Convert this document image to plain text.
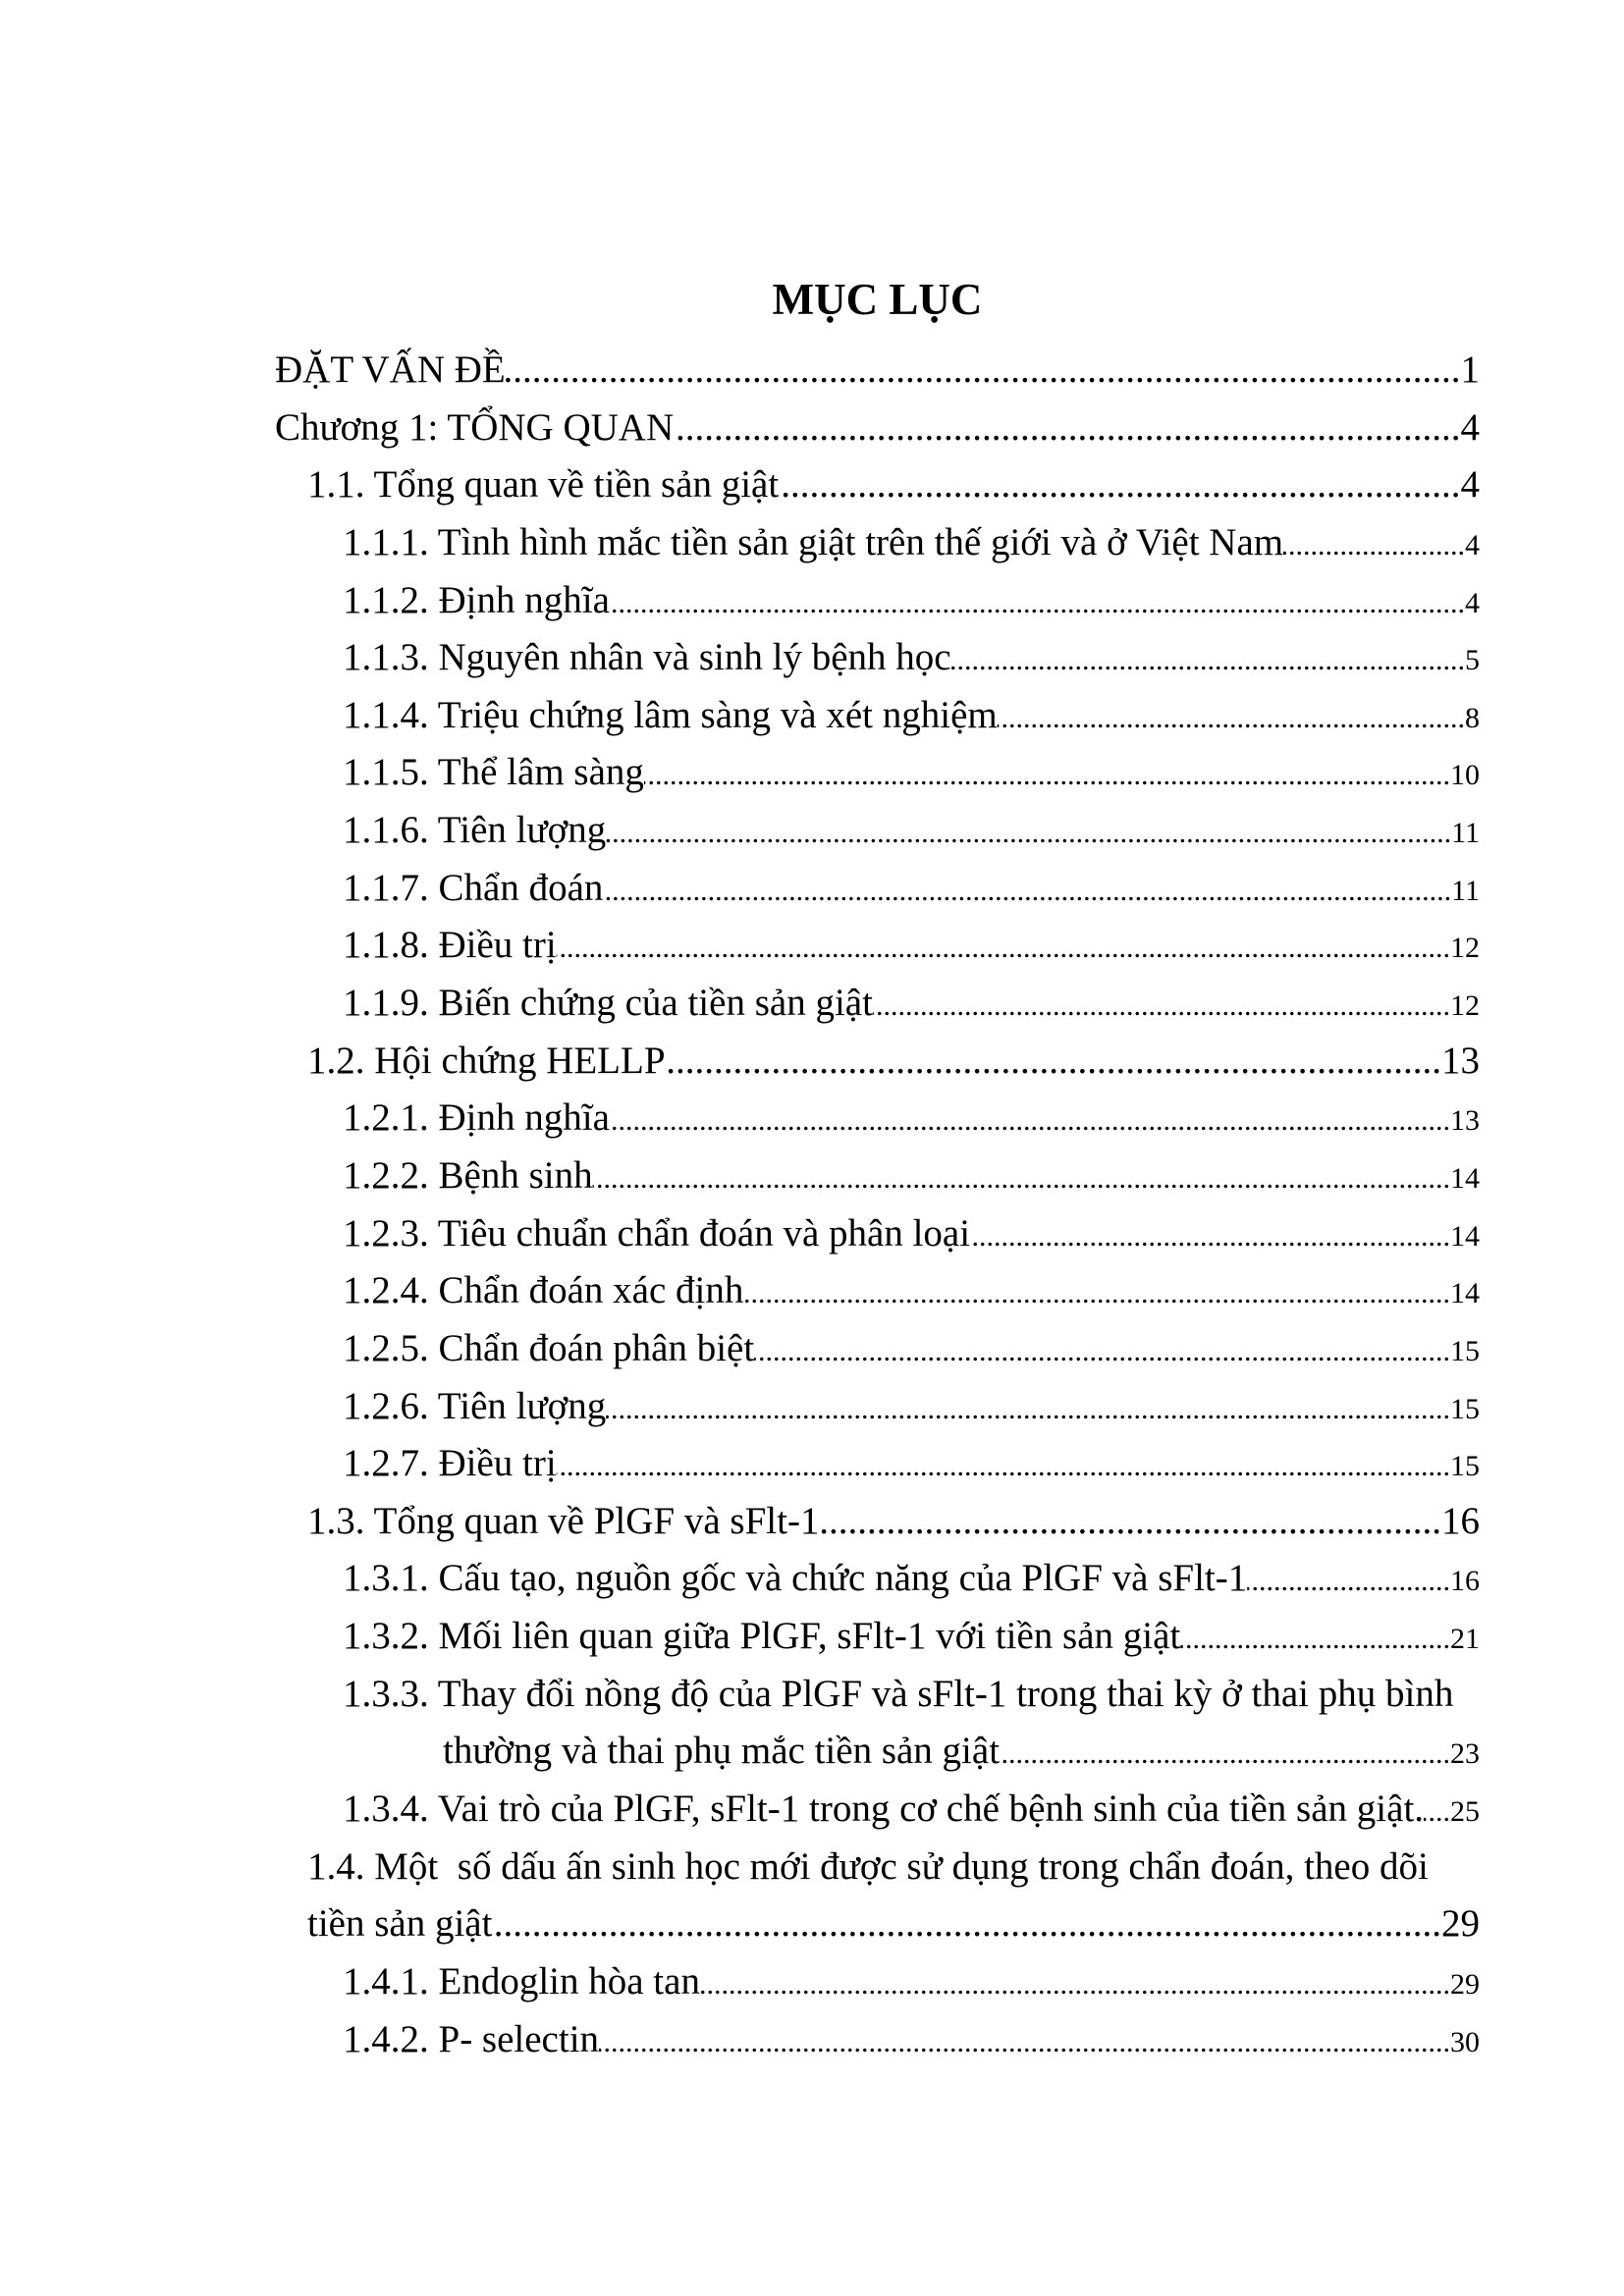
MỤC LỤC
ĐẶT VẤN ĐỀ .....	1
Chương 1: TỔNG QUAN .....	4
1.1. Tổng quan về tiền sản giật .....	4
1.1.1. Tình hình mắc tiền sản giật trên thế giới và ở Việt Nam .....	4
1.1.2. Định nghĩa .....	4
1.1.3. Nguyên nhân và sinh lý bệnh học .....	5
1.1.4. Triệu chứng lâm sàng và xét nghiệm .....	8
1.1.5. Thể lâm sàng .....	10
1.1.6. Tiên lượng .....	11
1.1.7. Chẩn đoán .....	11
1.1.8. Điều trị .....	12
1.1.9. Biến chứng của tiền sản giật .....	12
1.2. Hội chứng HELLP .....	13
1.2.1. Định nghĩa .....	13
1.2.2. Bệnh sinh .....	14
1.2.3. Tiêu chuẩn chẩn đoán và phân loại .....	14
1.2.4. Chẩn đoán xác định .....	14
1.2.5. Chẩn đoán phân biệt .....	15
1.2.6. Tiên lượng .....	15
1.2.7. Điều trị .....	15
1.3. Tổng quan về PlGF và sFlt-1 .....	16
1.3.1. Cấu tạo, nguồn gốc và chức năng của PlGF và sFlt-1 .....	16
1.3.2. Mối liên quan giữa PlGF, sFlt-1 với tiền sản giật .....	21
1.3.3. Thay đổi nồng độ của PlGF và sFlt-1 trong thai kỳ ở thai phụ bình
thường và thai phụ mắc tiền sản giật .....	23
1.3.4. Vai trò của PlGF, sFlt-1 trong cơ chế bệnh sinh của tiền sản giật. ..... 25
1.4. Một  số dấu ấn sinh học mới được sử dụng trong chẩn đoán, theo dõi
tiền sản giật .....	29
1.4.1. Endoglin hòa tan .....	29
1.4.2. P- selectin .....	30
